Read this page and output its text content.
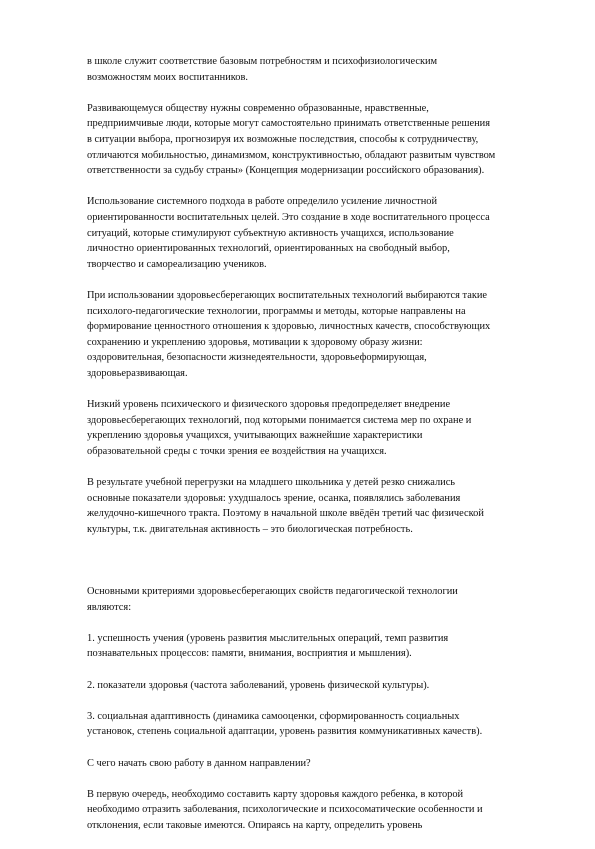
в школе служит соответствие базовым потребностям и психофизиологическим
возможностям моих воспитанников.

Развивающемуся обществу нужны современно образованные, нравственные,
предприимчивые люди, которые могут самостоятельно принимать ответственные решения
в ситуации выбора, прогнозируя их возможные последствия, способы к сотрудничеству,
отличаются мобильностью, динамизмом, конструктивностью, обладают развитым чувством
ответственности за судьбу страны» (Концепция модернизации российского образования).

Использование системного подхода в работе определило усиление личностной
ориентированности воспитательных целей. Это создание в ходе воспитательного процесса
ситуаций, которые стимулируют субъектную активность учащихся, использование
личностно ориентированных технологий, ориентированных на свободный выбор,
творчество и самореализацию учеников.

При использовании здоровьесберегающих воспитательных технологий выбираются такие
психолого-педагогические технологии, программы и методы, которые направлены на
формирование ценностного отношения к здоровью, личностных качеств, способствующих
сохранению и укреплению здоровья, мотивации к здоровому образу жизни:
оздоровительная, безопасности жизнедеятельности, здоровьеформирующая,
здоровьеразвивающая.

Низкий уровень психического и физического здоровья предопределяет внедрение
здоровьесберегающих технологий, под которыми понимается система мер по охране и
укреплению здоровья учащихся, учитывающих важнейшие характеристики
образовательной среды с точки зрения ее воздействия на учащихся.

В результате учебной перегрузки на младшего школьника у детей резко снижались
основные показатели здоровья: ухудшалось зрение, осанка, появлялись заболевания
желудочно-кишечного тракта. Поэтому в начальной школе ввёдён третий час физической
культуры, т.к. двигательная активность – это биологическая потребность.

Основными критериями здоровьесберегающих свойств педагогической технологии
являются:

1. успешность учения (уровень развития мыслительных операций, темп развития
познавательных процессов: памяти, внимания, восприятия и мышления).

2. показатели здоровья (частота заболеваний, уровень физической культуры).

3. социальная адаптивность (динамика самооценки, сформированность социальных
установок, степень социальной адаптации, уровень развития коммуникативных качеств).

С чего начать свою работу в данном направлении?

В первую очередь, необходимо составить карту здоровья каждого ребенка, в которой
необходимо отразить заболевания, психологические и психосоматические особенности и
отклонения, если таковые имеются. Опираясь на карту, определить уровень
